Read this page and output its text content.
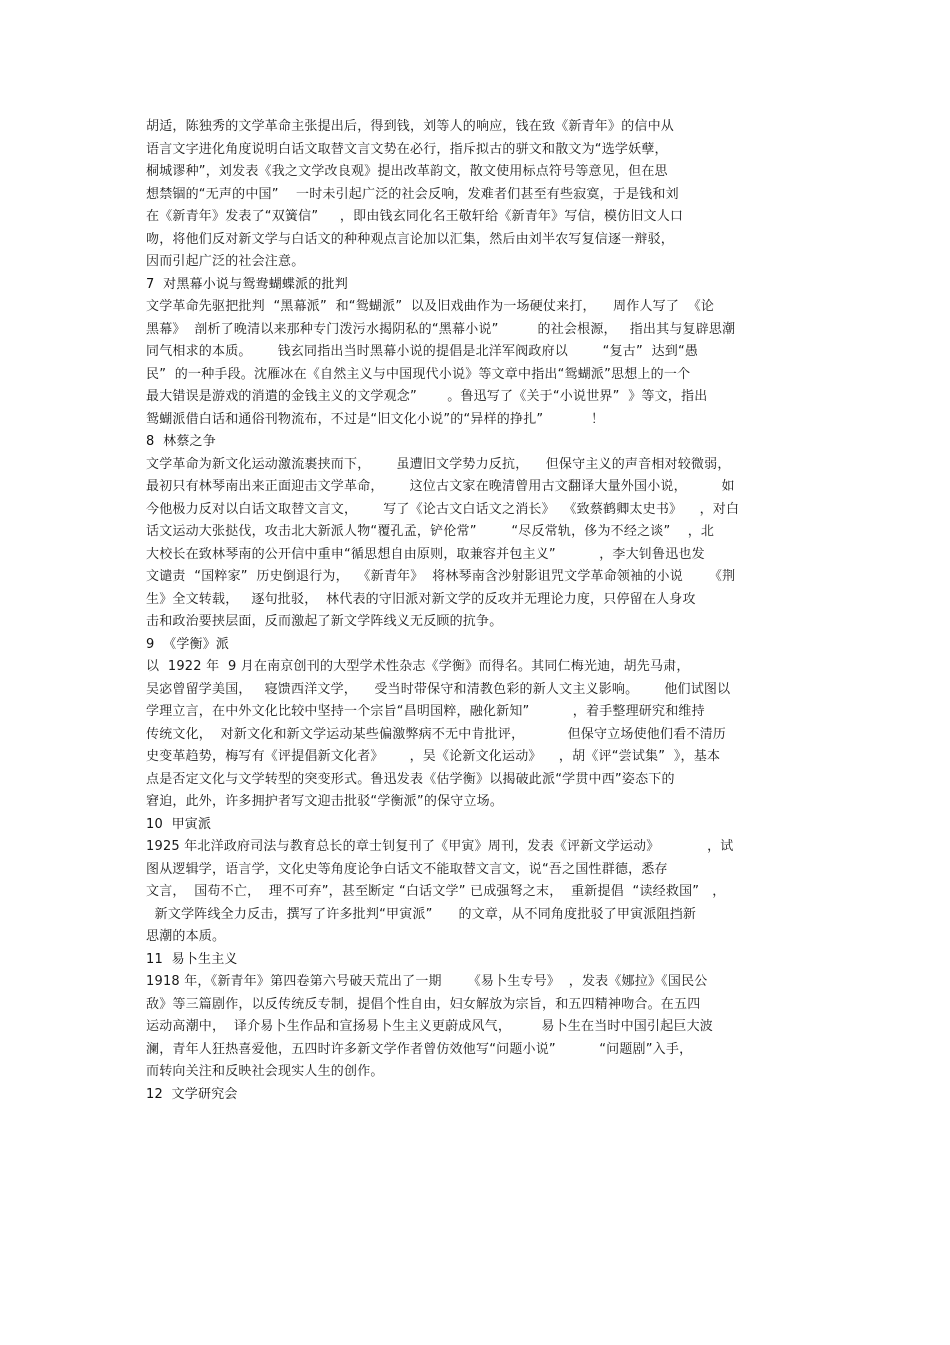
胡适，陈独秀的文学革命主张提出后，得到钱，刘等人的响应，钱在致《新青年》的信中从
语言文字进化角度说明白话文取替文言文势在必行，指斥拟古的骈文和散文为“选学妖孽，
桐城谬种”，刘发表《我之文学改良观》提出改革韵文，散文使用标点符号等意见，但在思
想禁锢的“无声的中国”    一时未引起广泛的社会反响，发难者们甚至有些寂寞，于是钱和刘
在《新青年》发表了“双簧信”     ，即由钱玄同化名王敬轩给《新青年》写信，模仿旧文人口
吻，将他们反对新文学与白话文的种种观点言论加以汇集，然后由刘半农写复信逐一辩驳，
因而引起广泛的社会注意。
7  对黑幕小说与鸳鸯蝴蝶派的批判
文学革命先驱把批判  “黑幕派”  和“鸳蝴派”  以及旧戏曲作为一场硬仗来打，    周作人写了  《论
黑幕》  剖析了晚清以来那种专门泼污水揭阴私的“黑幕小说”         的社会根源，   指出其与复辟思潮
同气相求的本质。      钱玄同指出当时黑幕小说的提倡是北洋军阀政府以        “复古”  达到“愚
民”  的一种手段。沈雁冰在《自然主义与中国现代小说》等文章中指出“鸳蝴派”思想上的一个
最大错误是游戏的消遣的金钱主义的文学观念”       。鲁迅写了《关于“小说世界”  》等文，指出
鸳蝴派借白话和通俗刊物流布，不过是“旧文化小说”的“异样的挣扎”           ！
8  林蔡之争
文学革命为新文化运动激流裹挟而下，      虽遭旧文学势力反抗，    但保守主义的声音相对较微弱，
最初只有林琴南出来正面迎击文学革命，      这位古文家在晚清曾用古文翻译大量外国小说，        如
今他极力反对以白话文取替文言文，      写了《论古文白话文之消长》  《致蔡鹤卿太史书》    ，对白
话文运动大张挞伐，攻击北大新派人物“覆孔孟，铲伦常”        “尽反常轨，侈为不经之谈”    ，北
大校长在致林琴南的公开信中重申“循思想自由原则，取兼容并包主义”          ，李大钊鲁迅也发
文谴责  “国粹家”  历史倒退行为，  《新青年》  将林琴南含沙射影诅咒文学革命领袖的小说      《荆
生》全文转载，   逐句批驳，  林代表的守旧派对新文学的反攻并无理论力度，只停留在人身攻
击和政治要挟层面，反而激起了新文学阵线义无反顾的抗争。
9  《学衡》派
以  1922 年  9 月在南京创刊的大型学术性杂志《学衡》而得名。其同仁梅光迪，胡先马肃，
吴宓曾留学美国，   寝馈西洋文学，    受当时带保守和清教色彩的新人文主义影响。      他们试图以
学理立言，在中外文化比较中坚持一个宗旨“昌明国粹，融化新知”          ，着手整理研究和维持
传统文化，  对新文化和新文学运动某些偏激弊病不无中肯批评，          但保守立场使他们看不清历
史变革趋势，梅写有《评提倡新文化者》      ，吴《论新文化运动》    ，胡《评“尝试集”  》，基本
点是否定文化与文学转型的突变形式。鲁迅发表《估学衡》以揭破此派“学贯中西”姿态下的
窘迫，此外，许多拥护者写文迎击批驳“学衡派”的保守立场。
10  甲寅派
1925 年北洋政府司法与教育总长的章士钊复刊了《甲寅》周刊，发表《评新文学运动》           ，试
图从逻辑学，语言学，文化史等角度论争白话文不能取替文言文，说“吾之国性群德，悉存
文言，  国苟不亡，  理不可弃”，甚至断定 “白话文学” 已成强弩之末，  重新提倡  “读经救国”   ，
新文学阵线全力反击，撰写了许多批判“甲寅派”      的文章，从不同角度批驳了甲寅派阻挡新
思潮的本质。
11  易卜生主义
1918 年，《新青年》第四卷第六号破天荒出了一期      《易卜生专号》  ，发表《娜拉》《国民公
敌》等三篇剧作，以反传统反专制，提倡个性自由，妇女解放为宗旨，和五四精神吻合。在五四
运动高潮中，  译介易卜生作品和宣扬易卜生主义更蔚成风气，       易卜生在当时中国引起巨大波
澜，青年人狂热喜爱他，五四时许多新文学作者曾仿效他写“问题小说”          “问题剧”入手，
而转向关注和反映社会现实人生的创作。
12  文学研究会
